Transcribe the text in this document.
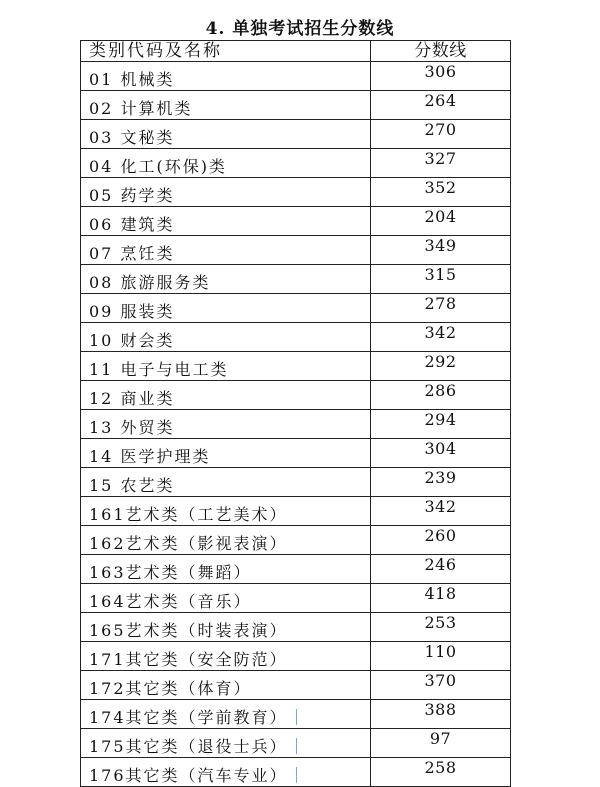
4. 单独考试招生分数线
类别代码及名称	分数线
01 机械类	306
02 计算机类	264
03 文秘类	270
04 化工(环保)类	327
05 药学类	352
06 建筑类	204
07 烹饪类	349
08 旅游服务类	315
09 服装类	278
10 财会类	342
11 电子与电工类	292
12 商业类	286
13 外贸类	294
14 医学护理类	304
15 农艺类	239
161艺术类（工艺美术）	342
162艺术类（影视表演）	260
163艺术类（舞蹈）	246
164艺术类（音乐）	418
165艺术类（时装表演）	253
171其它类（安全防范）	110
172其它类（体育）	370
174其它类（学前教育）	388
175其它类（退役士兵）	97
176其它类（汽车专业）	258
